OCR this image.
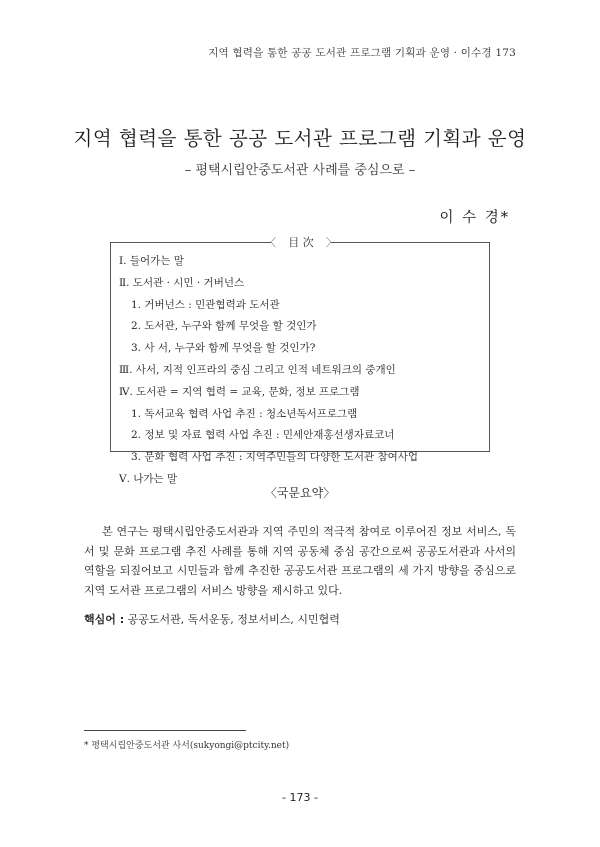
지역 협력을 통한 공공 도서관 프로그램 기획과 운영 · 이수경 173
지역 협력을 통한 공공 도서관 프로그램 기획과 운영
– 평택시립안중도서관 사례를 중심으로 –
이 수 경*
〈 目 次 〉
Ⅰ. 들어가는 말
Ⅱ. 도서관 · 시민 · 거버넌스
1. 거버넌스 : 민관협력과 도서관
2. 도서관, 누구와 함께 무엇을 할 것인가
3. 사 서, 누구와 함께 무엇을 할 것인가?
Ⅲ. 사서, 지적 인프라의 중심 그리고 인적 네트워크의 중개인
Ⅳ. 도서관 = 지역 협력 = 교육, 문화, 정보 프로그램
1. 독서교육 협력 사업 추진 : 청소년독서프로그램
2. 정보 및 자료 협력 사업 추진 : 민세안재홍선생자료코너
3. 문화 협력 사업 추진 : 지역주민들의 다양한 도서관 참여사업
Ⅴ. 나가는 말
〈국문요약〉

본 연구는 평택시립안중도서관과 지역 주민의 적극적 참여로 이루어진 정보 서비스, 독서 및 문화 프로그램 추진 사례를 통해 지역 공동체 중심 공간으로써 공공도서관과 사서의 역할을 되짚어보고 시민들과 함께 추진한 공공도서관 프로그램의 세 가지 방향을 중심으로 지역 도서관 프로그램의 서비스 방향을 제시하고 있다.

핵심어 : 공공도서관, 독서운동, 정보서비스, 시민협력
* 평택시립안중도서관 사서(sukyongi@ptcity.net)
- 173 -
